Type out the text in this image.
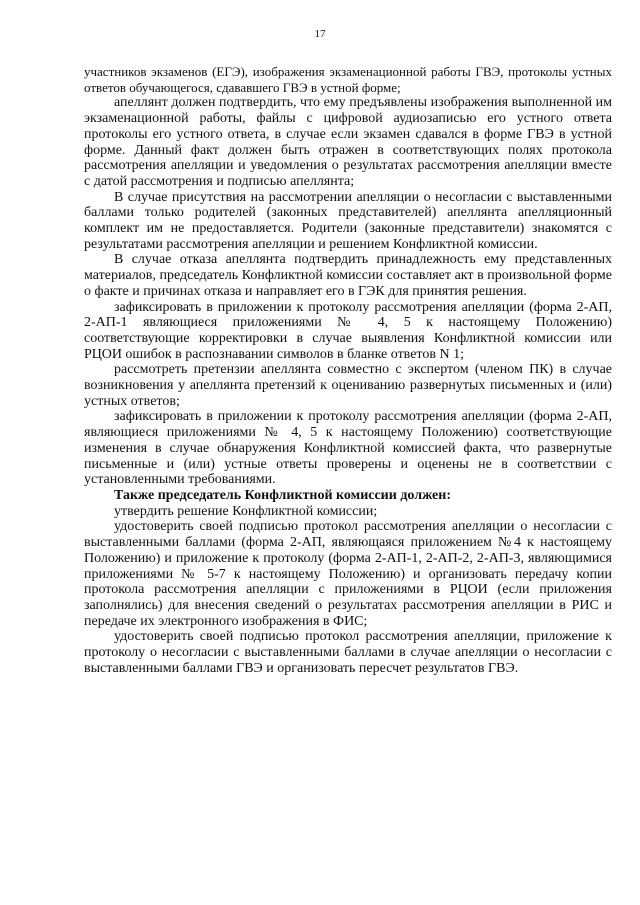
17

участников экзаменов (ЕГЭ), изображения экзаменационной работы ГВЭ, протоколы устных ответов обучающегося, сдававшего ГВЭ в устной форме;

апеллянт должен подтвердить, что ему предъявлены изображения выполненной им экзаменационной работы, файлы с цифровой аудиозаписью его устного ответа протоколы его устного ответа, в случае если экзамен сдавался в форме ГВЭ в устной форме. Данный факт должен быть отражен в соответствующих полях протокола рассмотрения апелляции и уведомления о результатах рассмотрения апелляции вместе с датой рассмотрения и подписью апеллянта;

В случае присутствия на рассмотрении апелляции о несогласии с выставленными баллами только родителей (законных представителей) апеллянта апелляционный комплект им не предоставляется. Родители (законные представители) знакомятся с результатами рассмотрения апелляции и решением Конфликтной комиссии.

В случае отказа апеллянта подтвердить принадлежность ему представленных материалов, председатель Конфликтной комиссии составляет акт в произвольной форме о факте и причинах отказа и направляет его в ГЭК для принятия решения.

зафиксировать в приложении к протоколу рассмотрения апелляции (форма 2-АП, 2-АП-1 являющиеся приложениями № 4, 5 к настоящему Положению) соответствующие корректировки в случае выявления Конфликтной комиссии или РЦОИ ошибок в распознавании символов в бланке ответов N 1;

рассмотреть претензии апеллянта совместно с экспертом (членом ПК) в случае возникновения у апеллянта претензий к оцениванию развернутых письменных и (или) устных ответов;

зафиксировать в приложении к протоколу рассмотрения апелляции (форма 2-АП, являющиеся приложениями № 4, 5 к настоящему Положению) соответствующие изменения в случае обнаружения Конфликтной комиссией факта, что развернутые письменные и (или) устные ответы проверены и оценены не в соответствии с установленными требованиями.

Также председатель Конфликтной комиссии должен:

утвердить решение Конфликтной комиссии;

удостоверить своей подписью протокол рассмотрения апелляции о несогласии с выставленными баллами (форма 2-АП, являющаяся приложением №4 к настоящему Положению) и приложение к протоколу (форма 2-АП-1, 2-АП-2, 2-АП-3, являющимися приложениями № 5-7 к настоящему Положению) и организовать передачу копии протокола рассмотрения апелляции с приложениями в РЦОИ (если приложения заполнялись) для внесения сведений о результатах рассмотрения апелляции в РИС и передаче их электронного изображения в ФИС;

удостоверить своей подписью протокол рассмотрения апелляции, приложение к протоколу о несогласии с выставленными баллами в случае апелляции о несогласии с выставленными баллами ГВЭ и организовать пересчет результатов ГВЭ.
